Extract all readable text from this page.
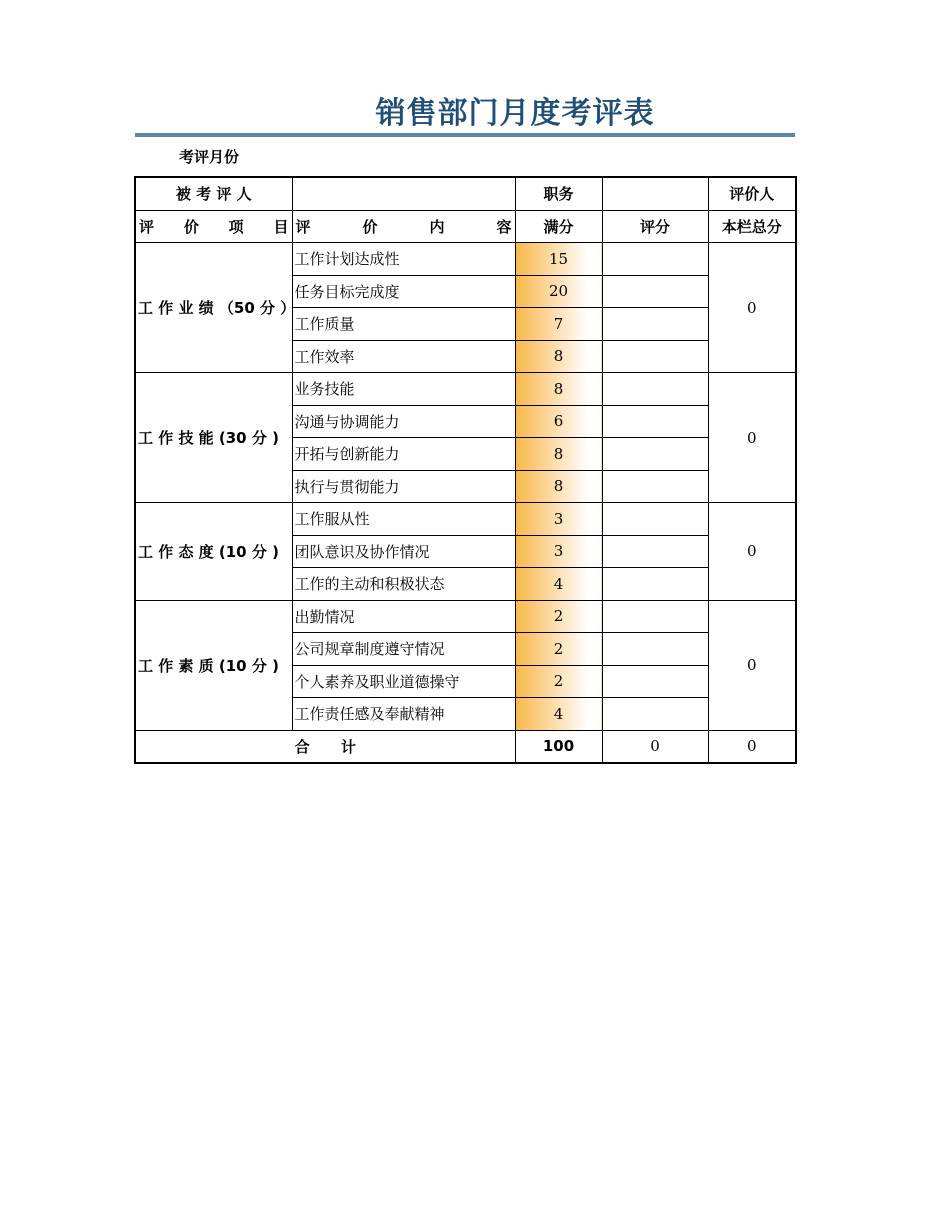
销售部门月度考评表
考评月份
被 考 评 人		职务		评价人
评价项目	评价内容	满分	评分	本栏总分
工 作 业 绩 （50 分 ）	工作计划达成性	15		0
	任务目标完成度	20		
	工作质量	7		
	工作效率	8		
工 作 技 能 (30 分 )	业务技能	8		0
	沟通与协调能力	6		
	开拓与创新能力	8		
	执行与贯彻能力	8		
工 作 态 度 (10 分 )	工作服从性	3		0
	团队意识及协作情况	3		
	工作的主动和积极状态	4		
工 作 素 质 (10 分 )	出勤情况	2		0
	公司规章制度遵守情况	2		
	个人素养及职业道德操守	2		
	工作责任感及奉献精神	4		
合      计		100	0	0
